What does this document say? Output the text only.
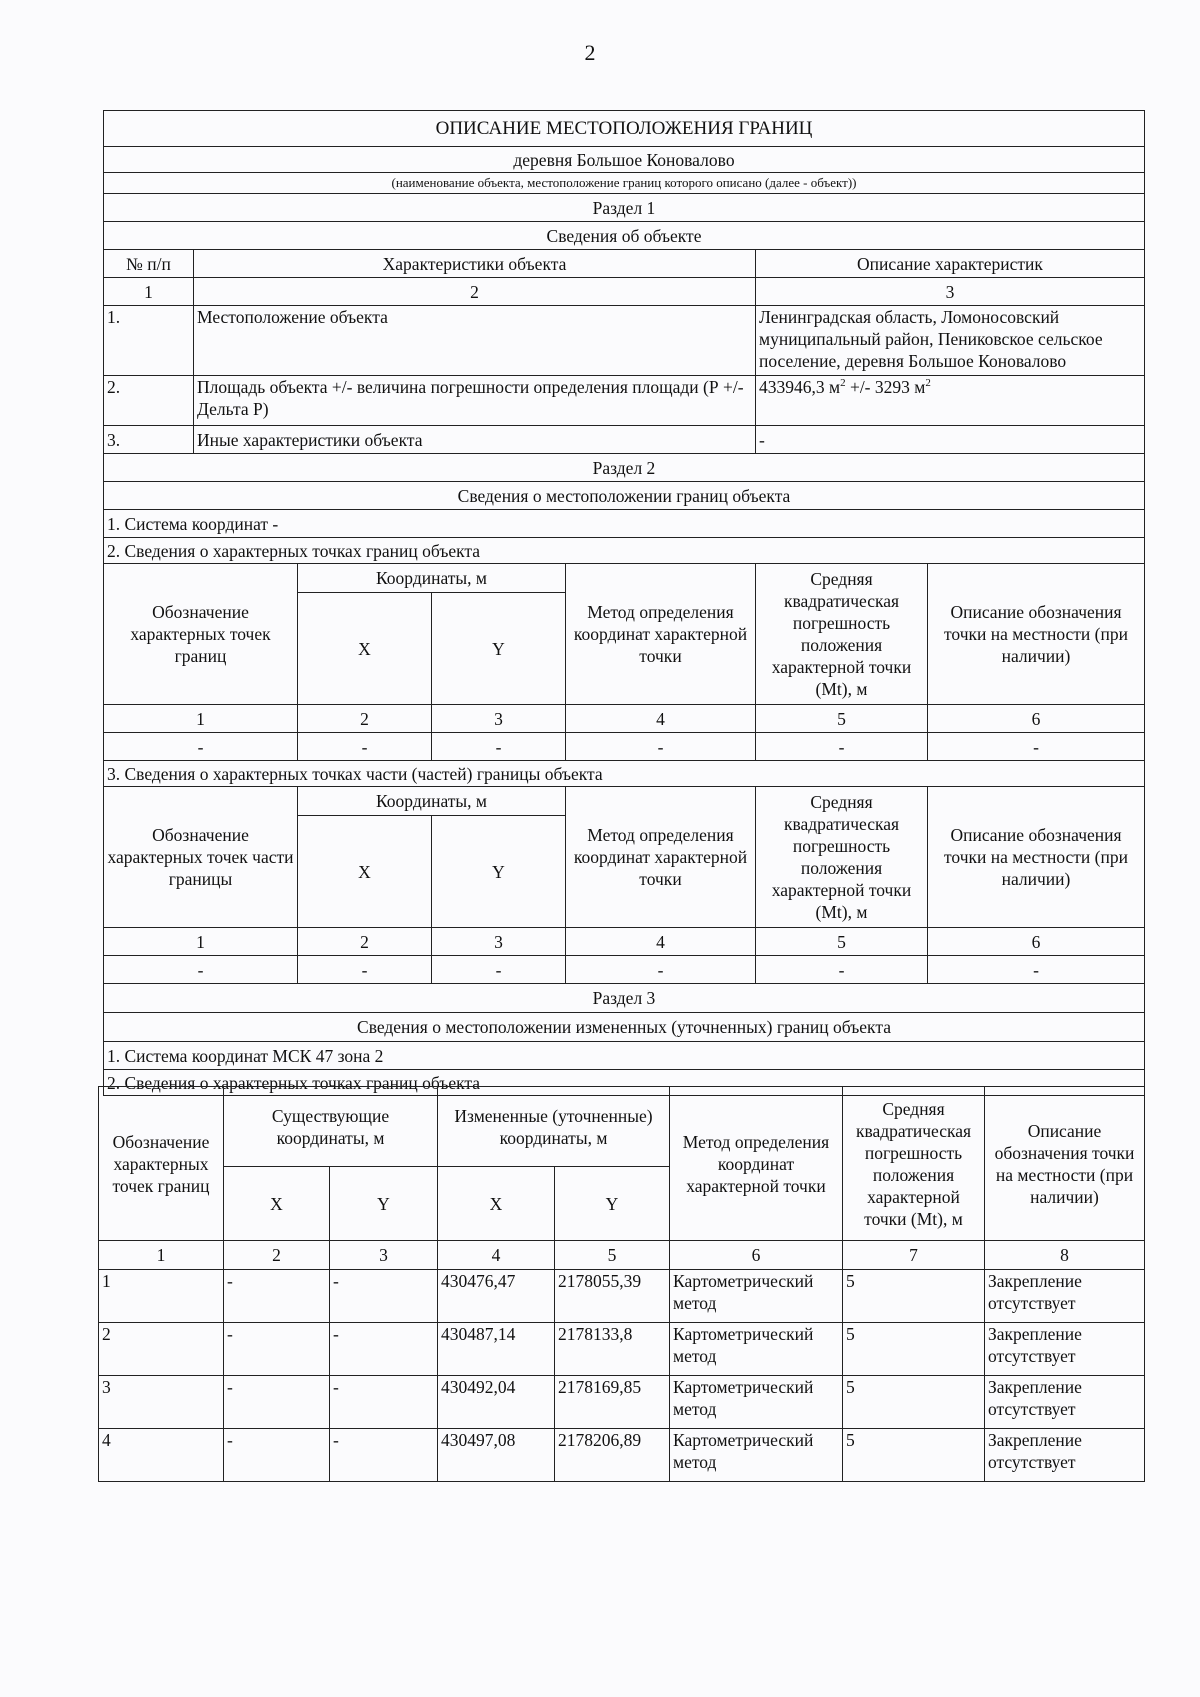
2
ОПИСАНИЕ МЕСТОПОЛОЖЕНИЯ ГРАНИЦ						
деревня Большое Коноваловo						
(наименование объекта, местоположение границ которого описано (далее - объект))						
Раздел 1						
Сведения об объекте						
№ п/п	Характеристики объекта				Описание характеристик	
1	2				3	
1.	Местоположение объекта				Ленинградская область, Ломоносовский муниципальный район, Пениковское сельское поселение, деревня Большое Коновалово	
2.	Площадь объекта +/- величина погрешности определения площади (Р +/- Дельта Р)				433946,3 $м^2$ +/- 3293 $м^2$
3.	Иные характеристики объекта				-	
Раздел 2						
Сведения о местоположении границ объекта						
1. Система координат -						
2. Сведения о характерных точках границ объекта						
Обозначение характерных точек границ		Координаты, м		Метод определения координат характерной точки	Средняя квадратическая погрешность положения характерной точки (Mt), м	Описание обозначения точки на местности (при наличии)
		X	Y			
1		2	3	4	5	6
-		-	-	-	-	-
3. Сведения о характерных точках части (частей) границы объекта						
Обозначение характерных точек части границы		Координаты, м		Метод определения координат характерной точки	Средняя квадратическая погрешность положения характерной точки (Mt), м	Описание обозначения точки на местности (при наличии)
		X	Y			
1		2	3	4	5	6
-		-	-	-	-	-
Раздел 3						
Сведения о местоположении измененных (уточненных) границ объекта						
1. Система координат МСК 47 зона 2						
2. Сведения о характерных точках границ объекта						
Обозначение характерных точек границ	Существующие координаты, м		Измененные (уточненные) координаты, м		Метод определения координат характерной точки	Средняя квадратическая погрешность положения характерной точки (Mt), м	Описание обозначения точки на местности (при наличии)
	X	Y	X	Y			
1	2	3	4	5	6	7	8
1	-	-	430476,47	2178055,39	Картометрический метод	5	Закрепление отсутствует
2	-	-	430487,14	2178133,8	Картометрический метод	5	Закрепление отсутствует
3	-	-	430492,04	2178169,85	Картометрический метод	5	Закрепление отсутствует
4	-	-	430497,08	2178206,89	Картометрический метод	5	Закрепление отсутствует
